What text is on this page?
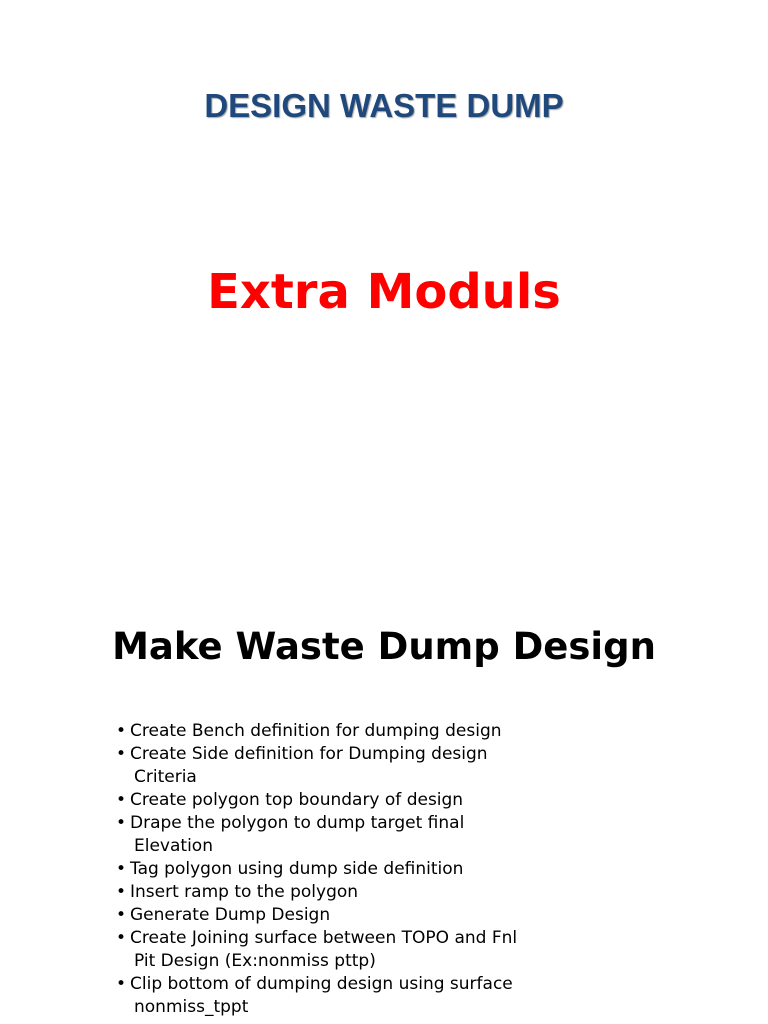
DESIGN WASTE DUMP
Extra Moduls
Make Waste Dump Design
• Create Bench definition for dumping design
• Create Side definition for Dumping design
Criteria
• Create polygon top boundary of design
• Drape the polygon to dump target final
Elevation
• Tag polygon using dump side definition
• Insert ramp to the polygon
• Generate Dump Design
• Create Joining surface between TOPO and Fnl
Pit Design (Ex:nonmiss pttp)
• Clip bottom of dumping design using surface
nonmiss_tppt
